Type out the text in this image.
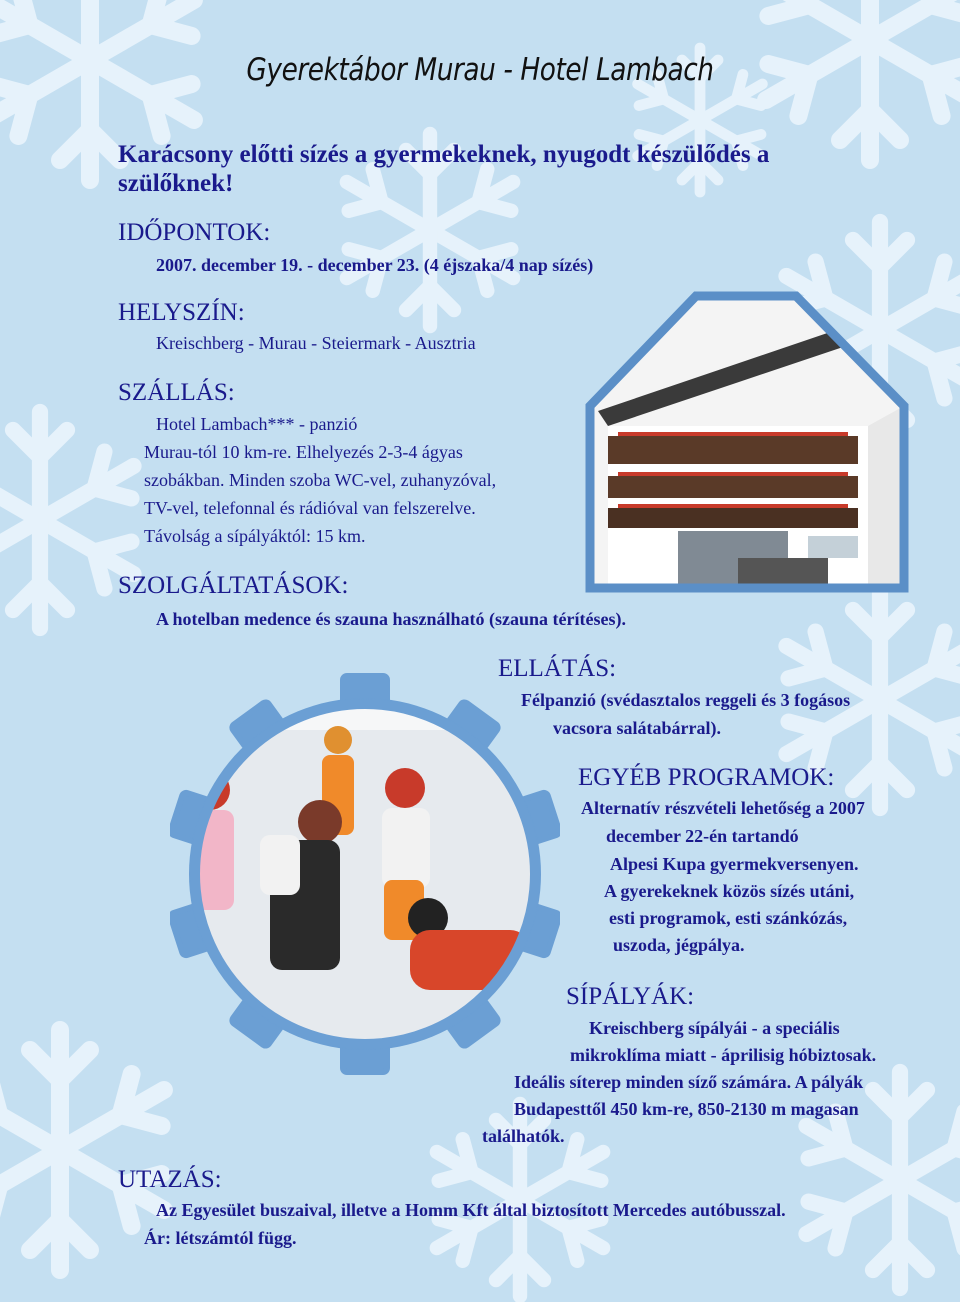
Gyerektábor Murau - Hotel Lambach
Karácsony előtti sízés a gyermekeknek, nyugodt készülődés a
szülőknek!
IDŐPONTOK:
2007. december 19. - december 23. (4 éjszaka/4 nap sízés)
HELYSZÍN:
Kreischberg - Murau - Steiermark - Ausztria
SZÁLLÁS:
Hotel Lambach*** - panzió
Murau-tól 10 km-re. Elhelyezés 2-3-4 ágyas
szobákban. Minden szoba WC-vel, zuhanyzóval,
TV-vel, telefonnal és rádióval van felszerelve.
Távolság a sípályáktól: 15 km.
SZOLGÁLTATÁSOK:
A hotelban medence és szauna használható (szauna térítéses).
ELLÁTÁS:
Félpanzió (svédasztalos reggeli és 3 fogásos
vacsora salátabárral).
EGYÉB PROGRAMOK:
Alternatív részvételi lehetőség a 2007
december 22-én tartandó
Alpesi Kupa gyermekversenyen.
A gyerekeknek közös sízés utáni,
esti programok, esti szánkózás,
uszoda, jégpálya.
SÍPÁLYÁK:
Kreischberg sípályái - a speciális
mikroklíma miatt - áprilisig hóbiztosak.
Ideális síterep minden síző számára. A pályák
Budapesttől 450 km-re, 850-2130 m magasan
találhatók.
UTAZÁS:
Az Egyesület buszaival, illetve a Homm Kft által biztosított Mercedes autóbusszal.
Ár: létszámtól függ.
